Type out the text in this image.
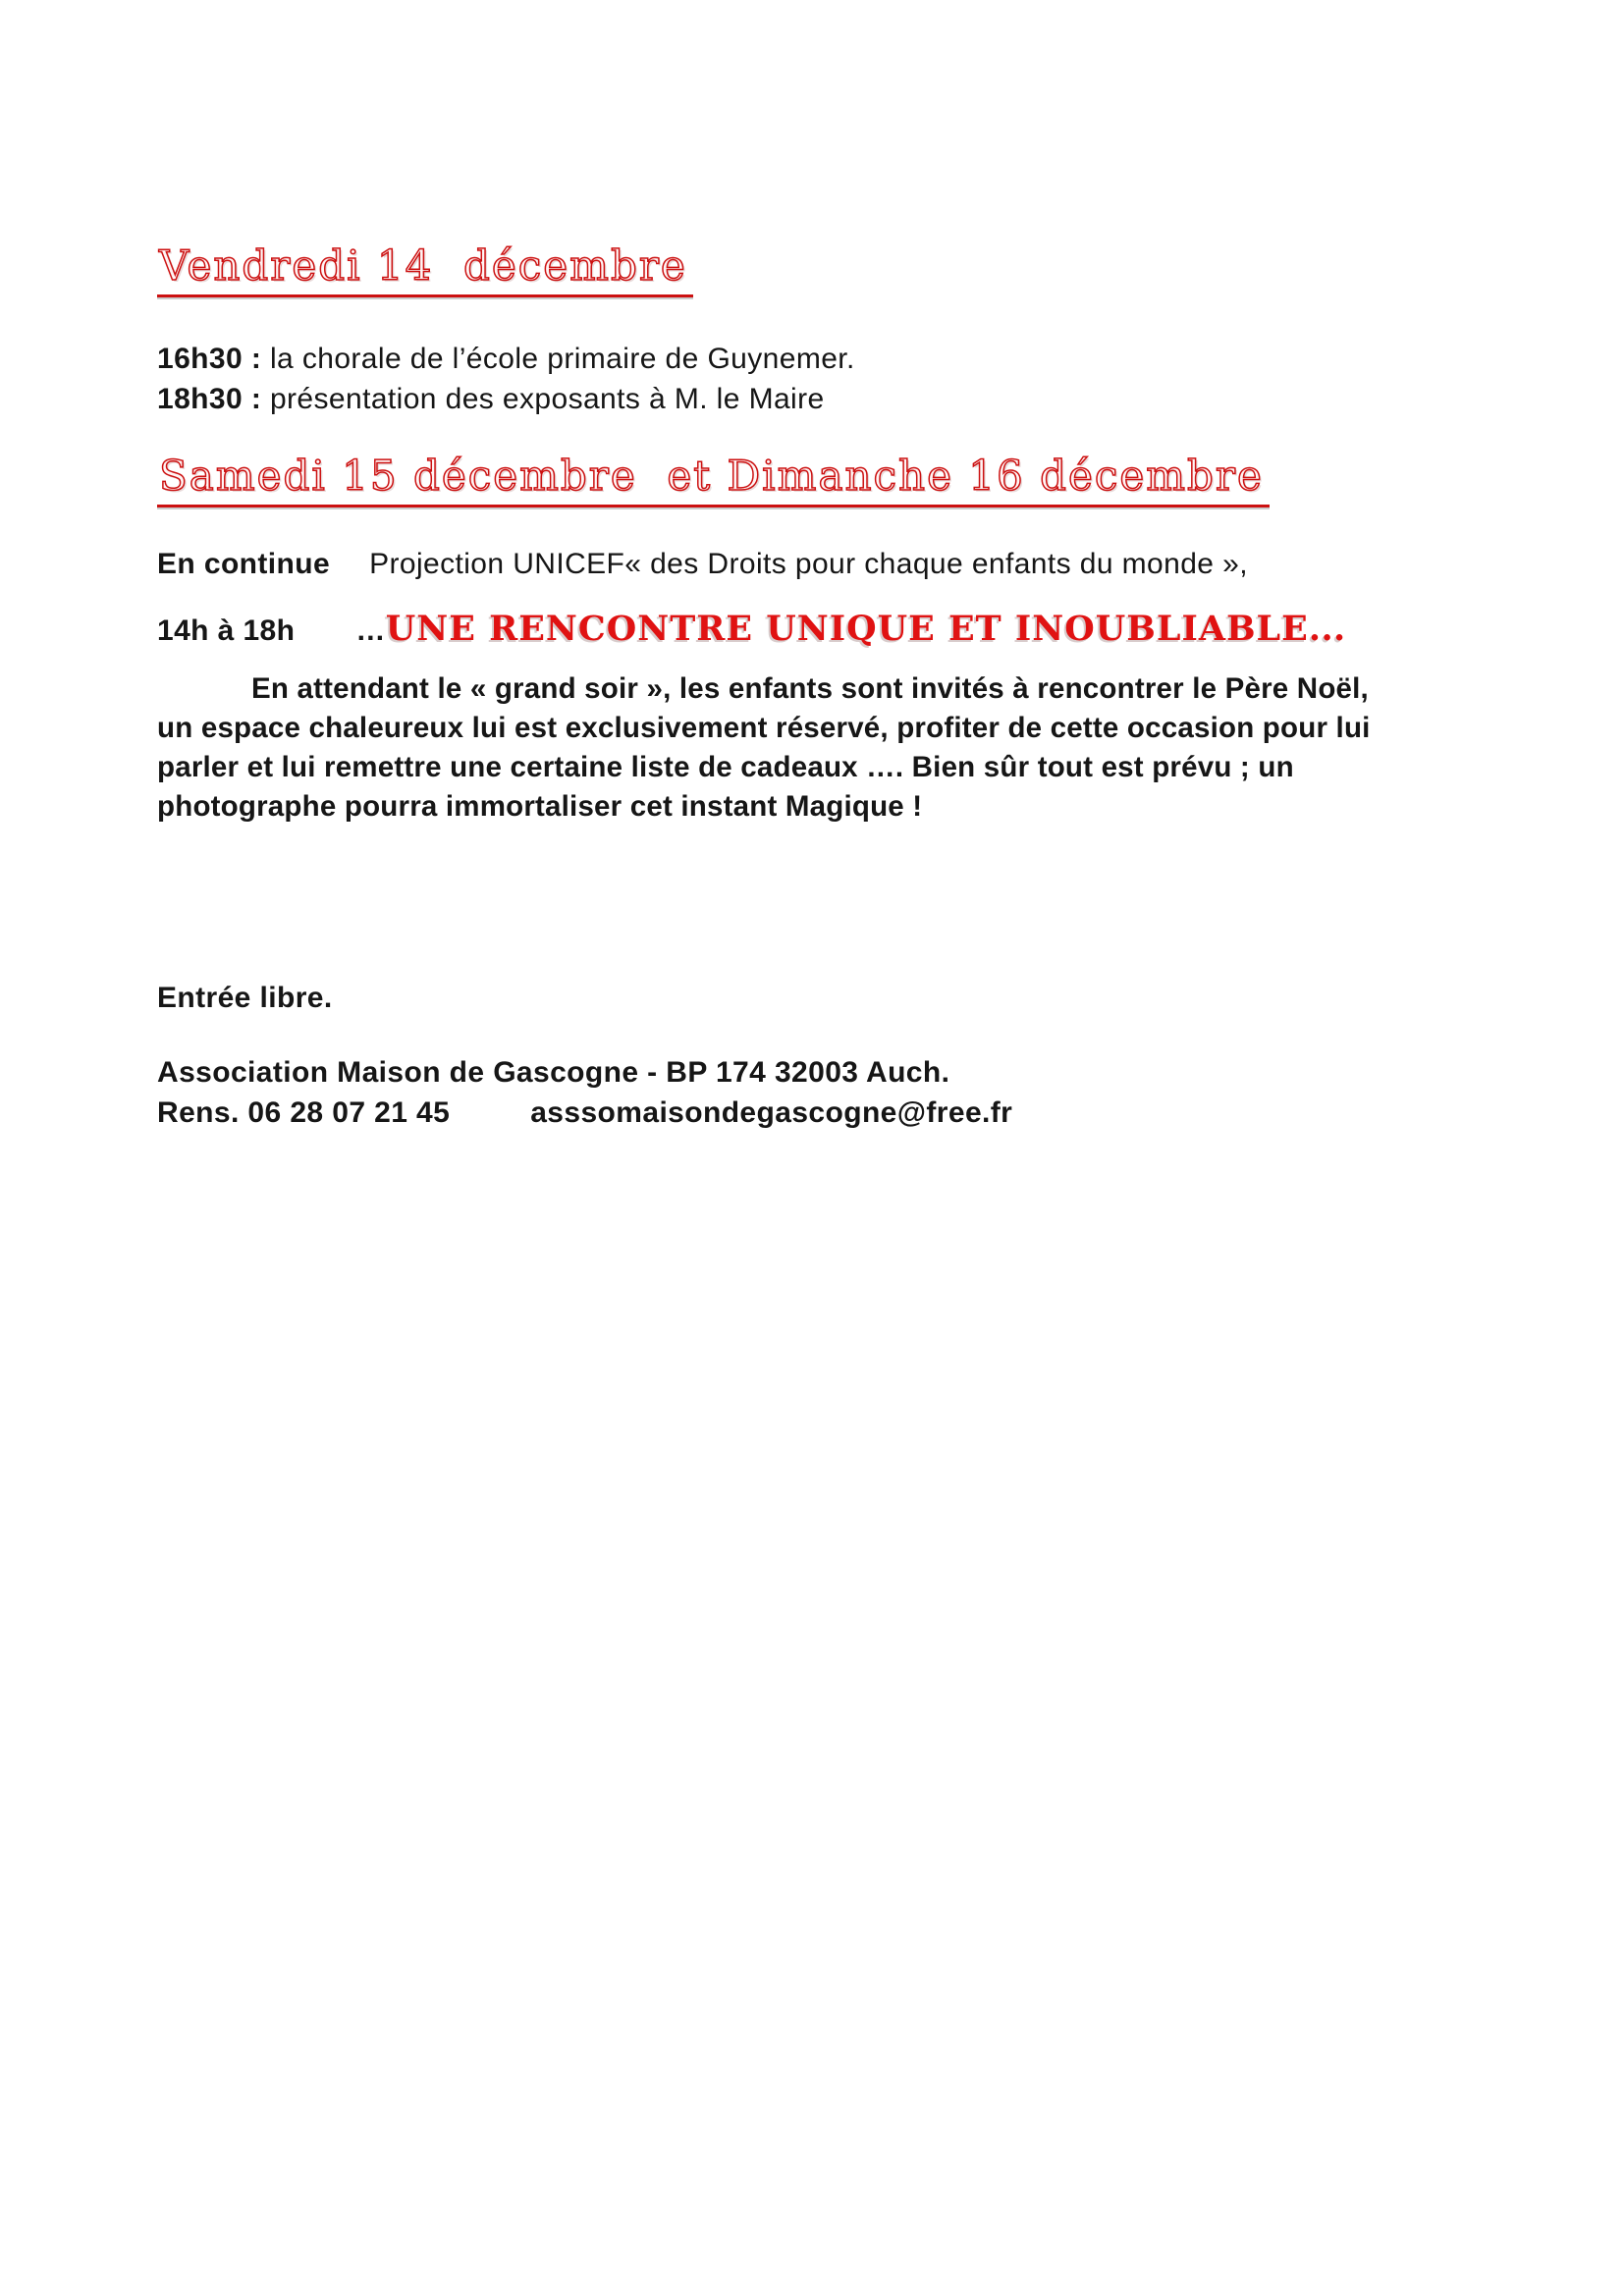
Vendredi 14  décembre
16h30 : la chorale de l’école primaire de Guynemer.
18h30 : présentation des exposants à M. le Maire
Samedi 15 décembre  et Dimanche 16 décembre
En continue Projection UNICEF« des Droits pour chaque enfants du monde »,
14h à 18h …UNE RENCONTRE UNIQUE ET INOUBLIABLE...
En attendant le « grand soir », les enfants sont invités à rencontrer le Père Noël,
un espace chaleureux lui est exclusivement réservé, profiter de cette occasion pour lui
parler et lui remettre une certaine liste de cadeaux …. Bien sûr tout est prévu ; un
photographe pourra immortaliser cet instant Magique !
Entrée libre.
Association Maison de Gascogne - BP 174 32003 Auch.
Rens. 06 28 07 21 45	asssomaisondegascogne@free.fr
